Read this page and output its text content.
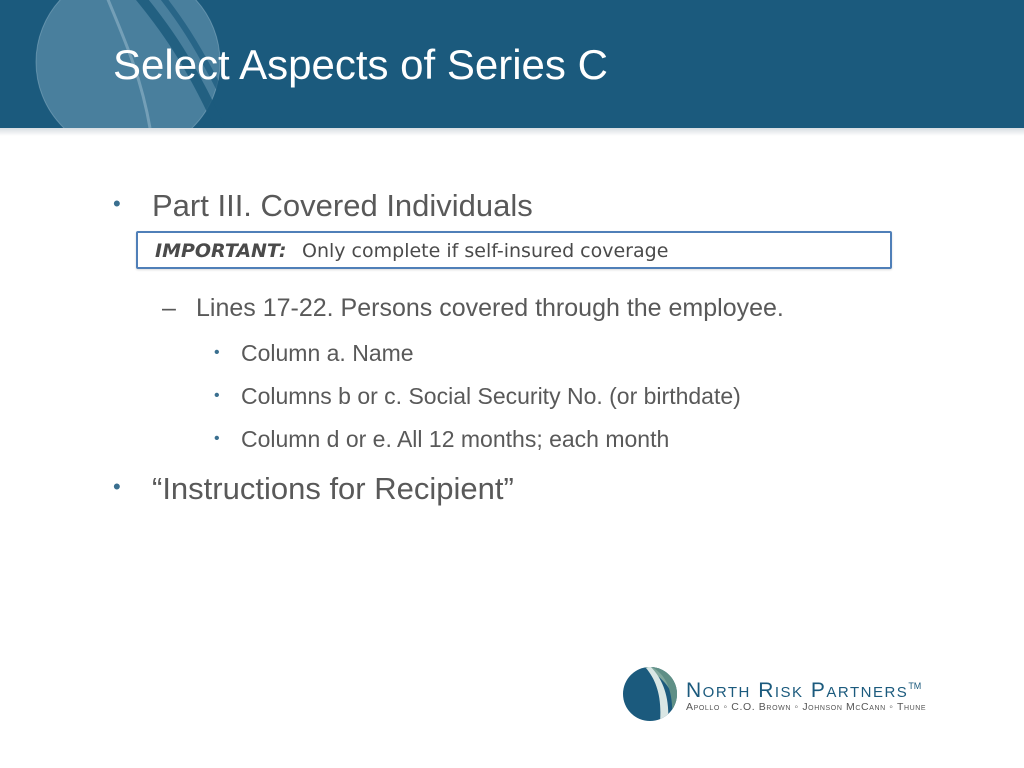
Select Aspects of Series C
• Part III. Covered Individuals
IMPORTANT: Only complete if self-insured coverage
– Lines 17-22. Persons covered through the employee.
• Column a. Name
• Columns b or c. Social Security No. (or birthdate)
• Column d or e. All 12 months; each month
• “Instructions for Recipient”
North Risk Partners™
Apollo ◦ C.O. Brown ◦ Johnson McCann ◦ Thune
